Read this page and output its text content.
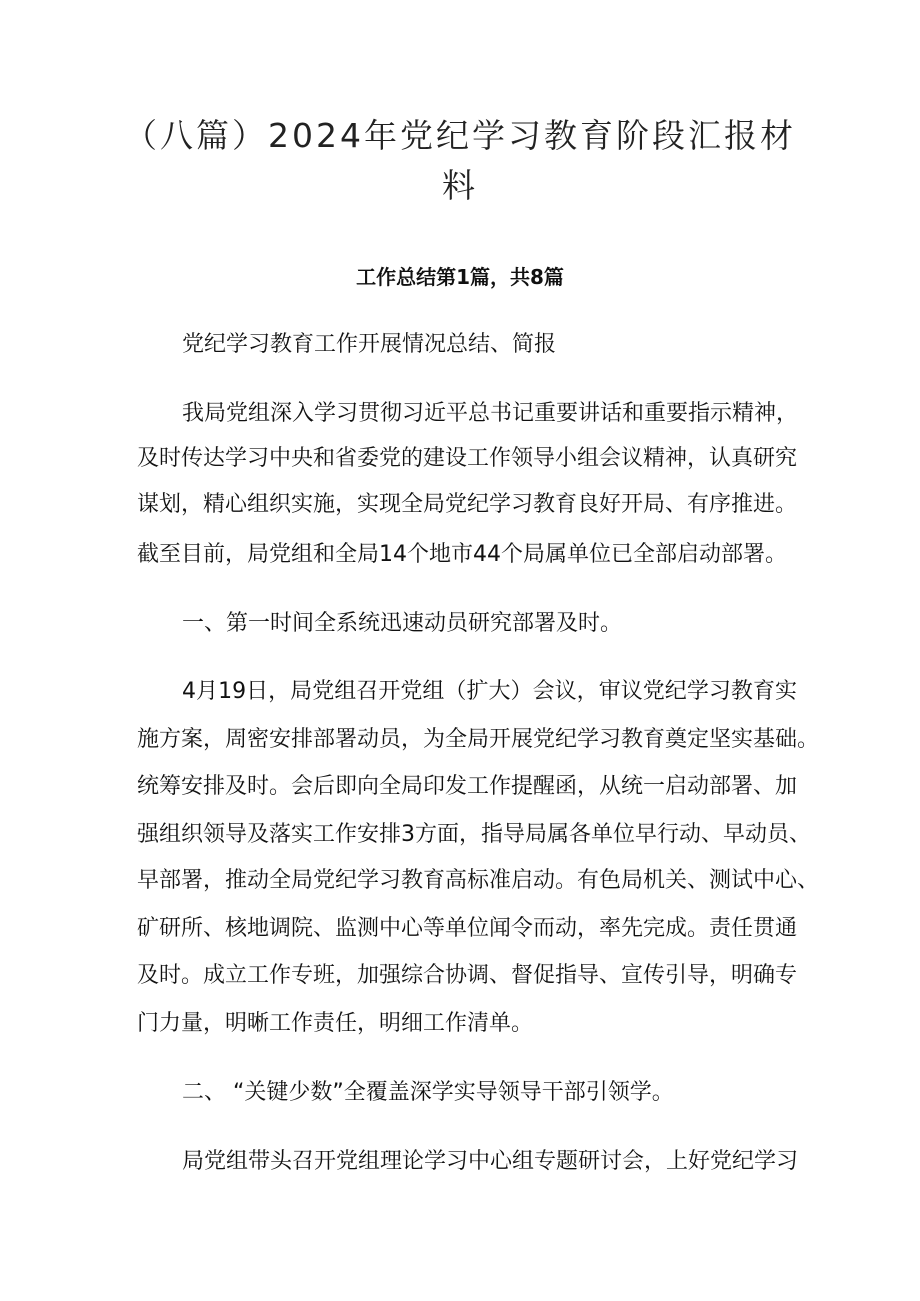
（八篇）2024年党纪学习教育阶段汇报材
料
工作总结第1篇，共8篇

党纪学习教育工作开展情况总结、简报

我局党组深入学习贯彻习近平总书记重要讲话和重要指示精神，

及时传达学习中央和省委党的建设工作领导小组会议精神，认真研究

谋划，精心组织实施，实现全局党纪学习教育良好开局、有序推进。

截至目前，局党组和全局14个地市44个局属单位已全部启动部署。

一、第一时间全系统迅速动员研究部署及时。

4月19日，局党组召开党组（扩大）会议，审议党纪学习教育实

施方案，周密安排部署动员，为全局开展党纪学习教育奠定坚实基础。

统筹安排及时。会后即向全局印发工作提醒函，从统一启动部署、加

强组织领导及落实工作安排3方面，指导局属各单位早行动、早动员、

早部署，推动全局党纪学习教育高标准启动。有色局机关、测试中心、

矿研所、核地调院、监测中心等单位闻令而动，率先完成。责任贯通

及时。成立工作专班，加强综合协调、督促指导、宣传引导，明确专

门力量，明晰工作责任，明细工作清单。

二、 “关键少数”全覆盖深学实导领导干部引领学。

局党组带头召开党组理论学习中心组专题研讨会，上好党纪学习
